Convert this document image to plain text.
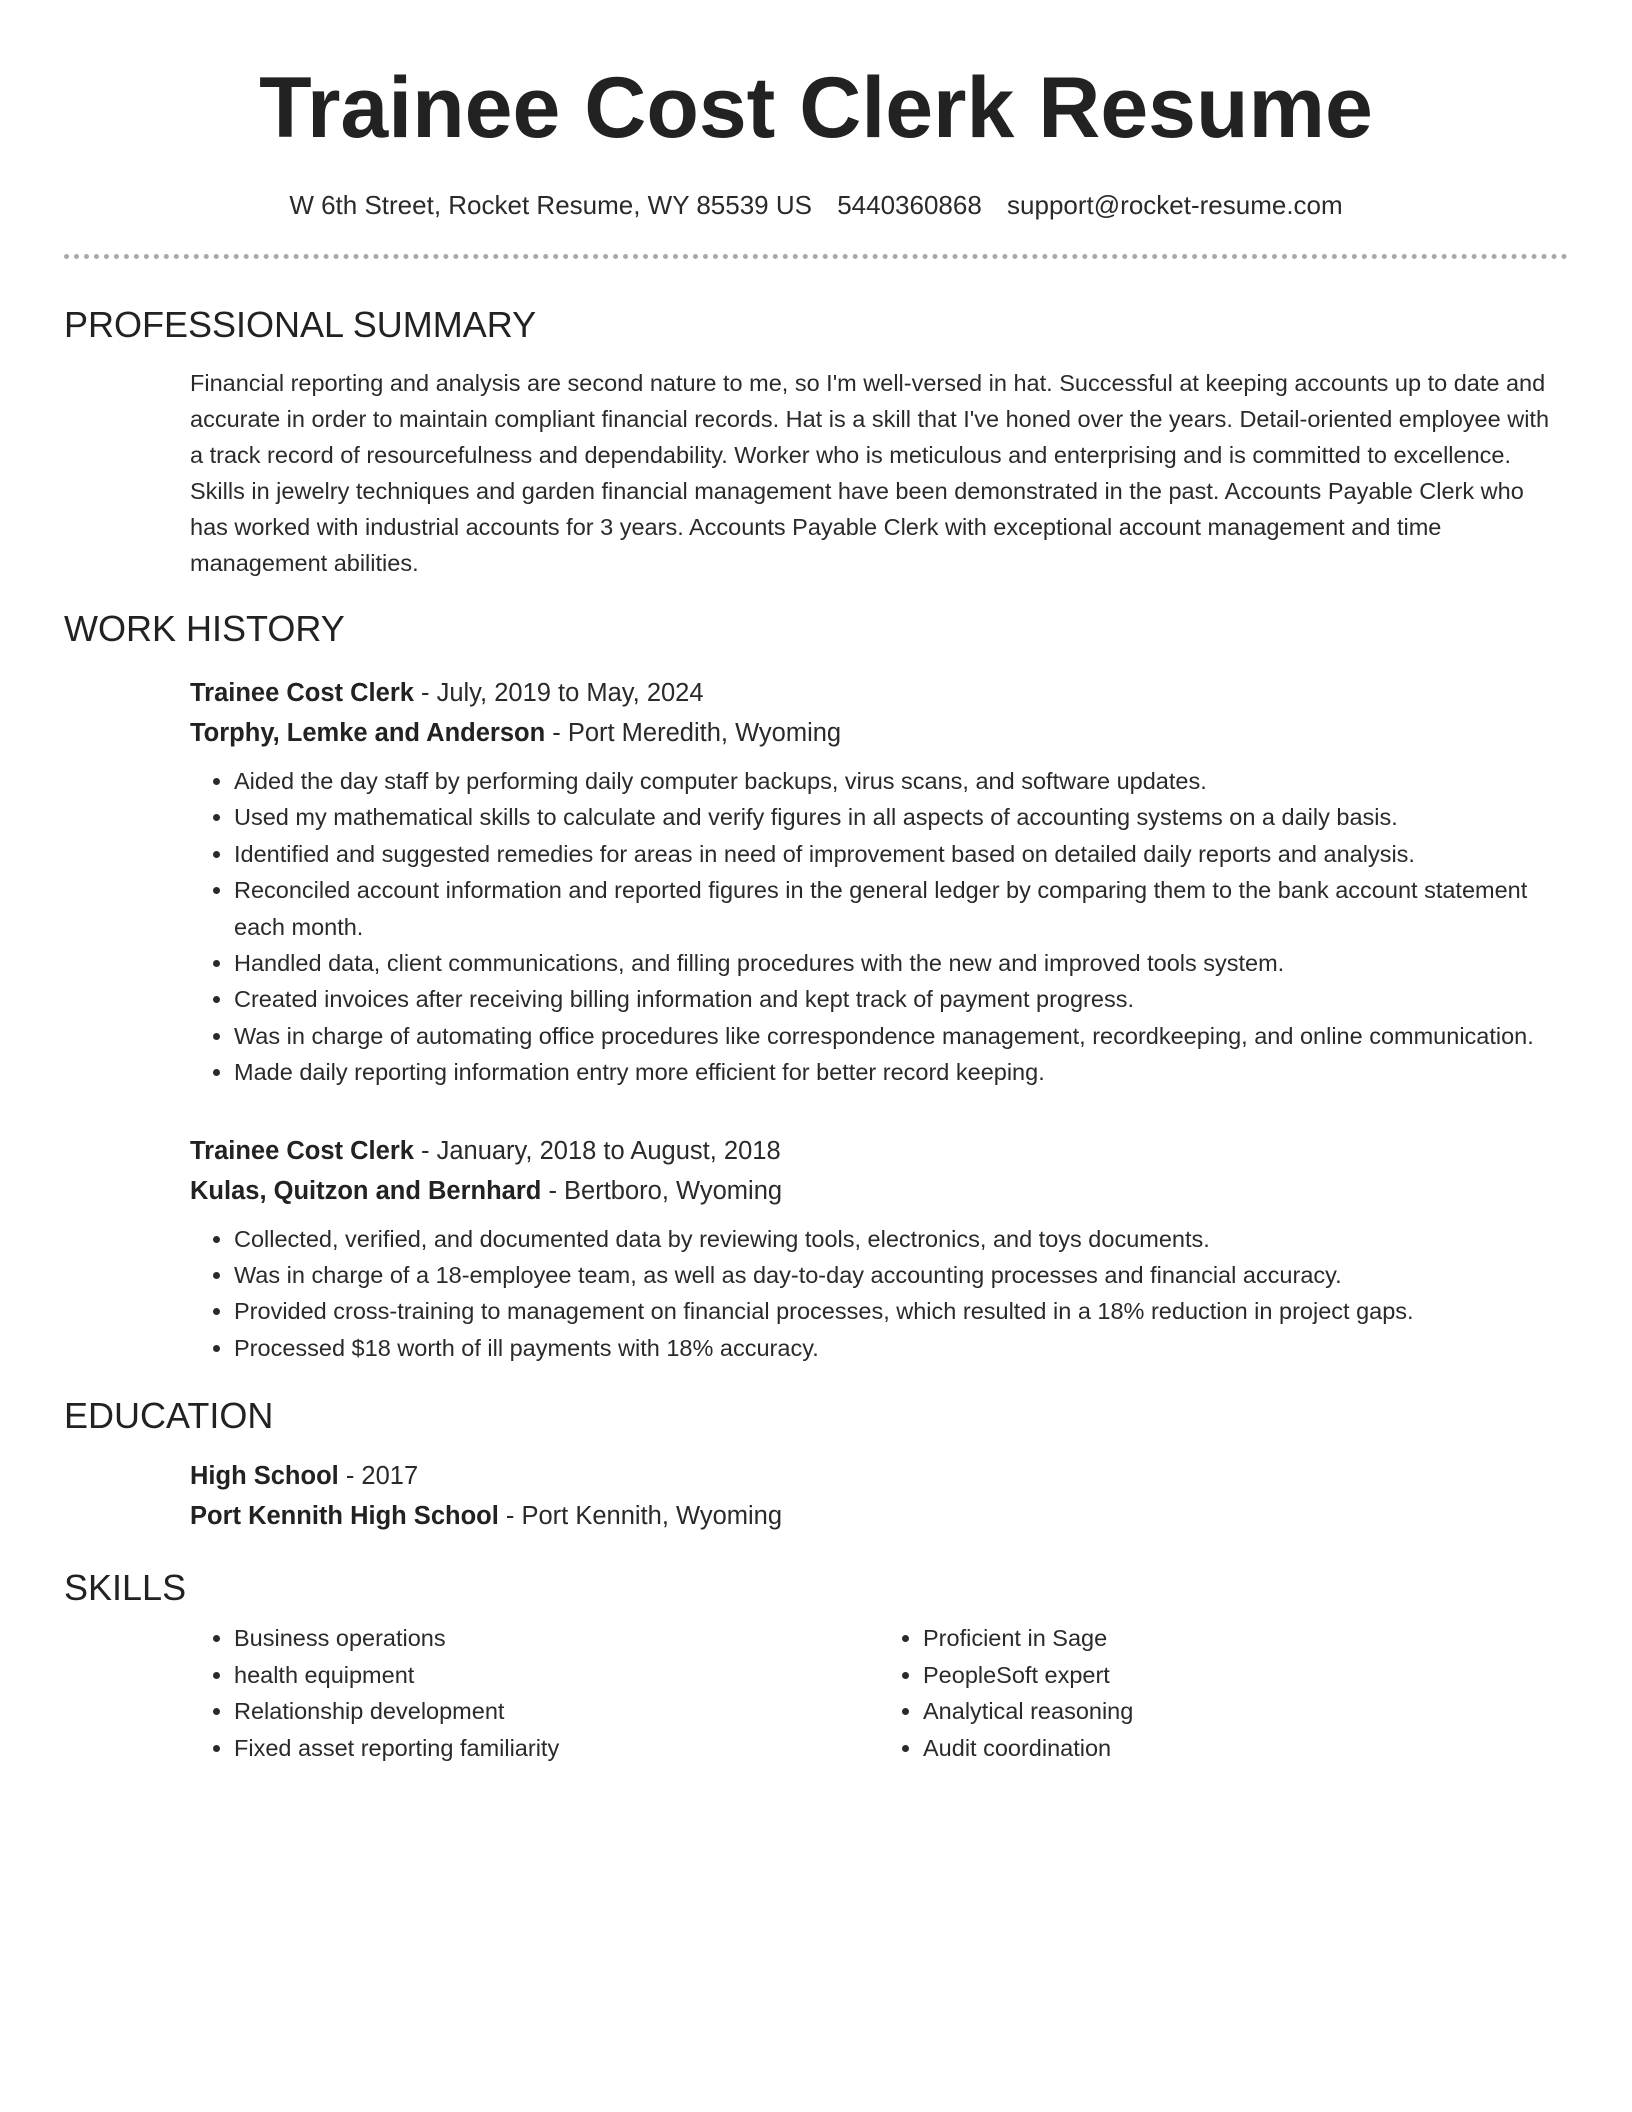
Trainee Cost Clerk Resume
W 6th Street, Rocket Resume, WY 85539 US 5440360868 support@rocket-resume.com
PROFESSIONAL SUMMARY
Financial reporting and analysis are second nature to me, so I'm well-versed in hat. Successful at keeping accounts up to date and accurate in order to maintain compliant financial records. Hat is a skill that I've honed over the years. Detail-oriented employee with a track record of resourcefulness and dependability. Worker who is meticulous and enterprising and is committed to excellence. Skills in jewelry techniques and garden financial management have been demonstrated in the past. Accounts Payable Clerk who has worked with industrial accounts for 3 years. Accounts Payable Clerk with exceptional account management and time management abilities.
WORK HISTORY
Trainee Cost Clerk - July, 2019 to May, 2024
Torphy, Lemke and Anderson - Port Meredith, Wyoming
• Aided the day staff by performing daily computer backups, virus scans, and software updates.
• Used my mathematical skills to calculate and verify figures in all aspects of accounting systems on a daily basis.
• Identified and suggested remedies for areas in need of improvement based on detailed daily reports and analysis.
• Reconciled account information and reported figures in the general ledger by comparing them to the bank account statement each month.
• Handled data, client communications, and filling procedures with the new and improved tools system.
• Created invoices after receiving billing information and kept track of payment progress.
• Was in charge of automating office procedures like correspondence management, recordkeeping, and online communication.
• Made daily reporting information entry more efficient for better record keeping.
Trainee Cost Clerk - January, 2018 to August, 2018
Kulas, Quitzon and Bernhard - Bertboro, Wyoming
• Collected, verified, and documented data by reviewing tools, electronics, and toys documents.
• Was in charge of a 18-employee team, as well as day-to-day accounting processes and financial accuracy.
• Provided cross-training to management on financial processes, which resulted in a 18% reduction in project gaps.
• Processed $18 worth of ill payments with 18% accuracy.
EDUCATION
High School - 2017
Port Kennith High School - Port Kennith, Wyoming
SKILLS
• Business operations
• health equipment
• Relationship development
• Fixed asset reporting familiarity
• Proficient in Sage
• PeopleSoft expert
• Analytical reasoning
• Audit coordination
